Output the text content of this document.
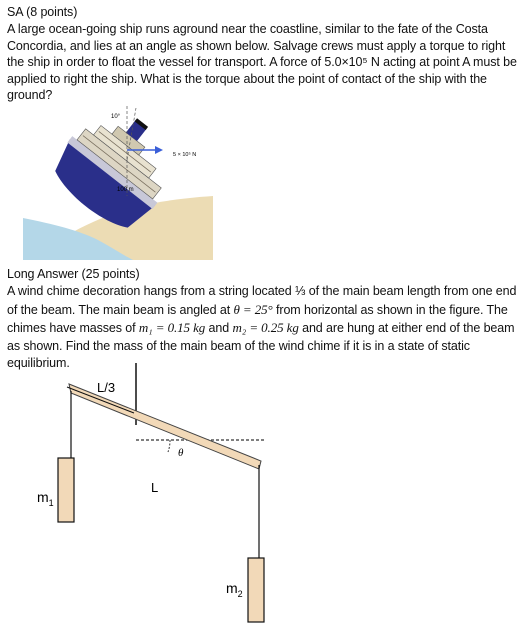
SA (8 points)
A large ocean-going ship runs aground near the coastline, similar to the fate of the Costa Concordia, and lies at an angle as shown below. Salvage crews must apply a torque to right the ship in order to float the vessel for transport. A force of 5.0×10⁵ N acting at point A must be applied to right the ship. What is the torque about the point of contact of the ship with the ground?
10°
5 × 10⁵ N
100 m
Long Answer (25 points)
A wind chime decoration hangs from a string located ⅓ of the main beam length from one end of the beam. The main beam is angled at θ = 25° from horizontal as shown in the figure. The chimes have masses of m₁ = 0.15 kg and m₂ = 0.25 kg and are hung at either end of the beam as shown. Find the mass of the main beam of the wind chime if it is in a state of static equilibrium.
L/3
L
θ
$m_1$
$m_2$
